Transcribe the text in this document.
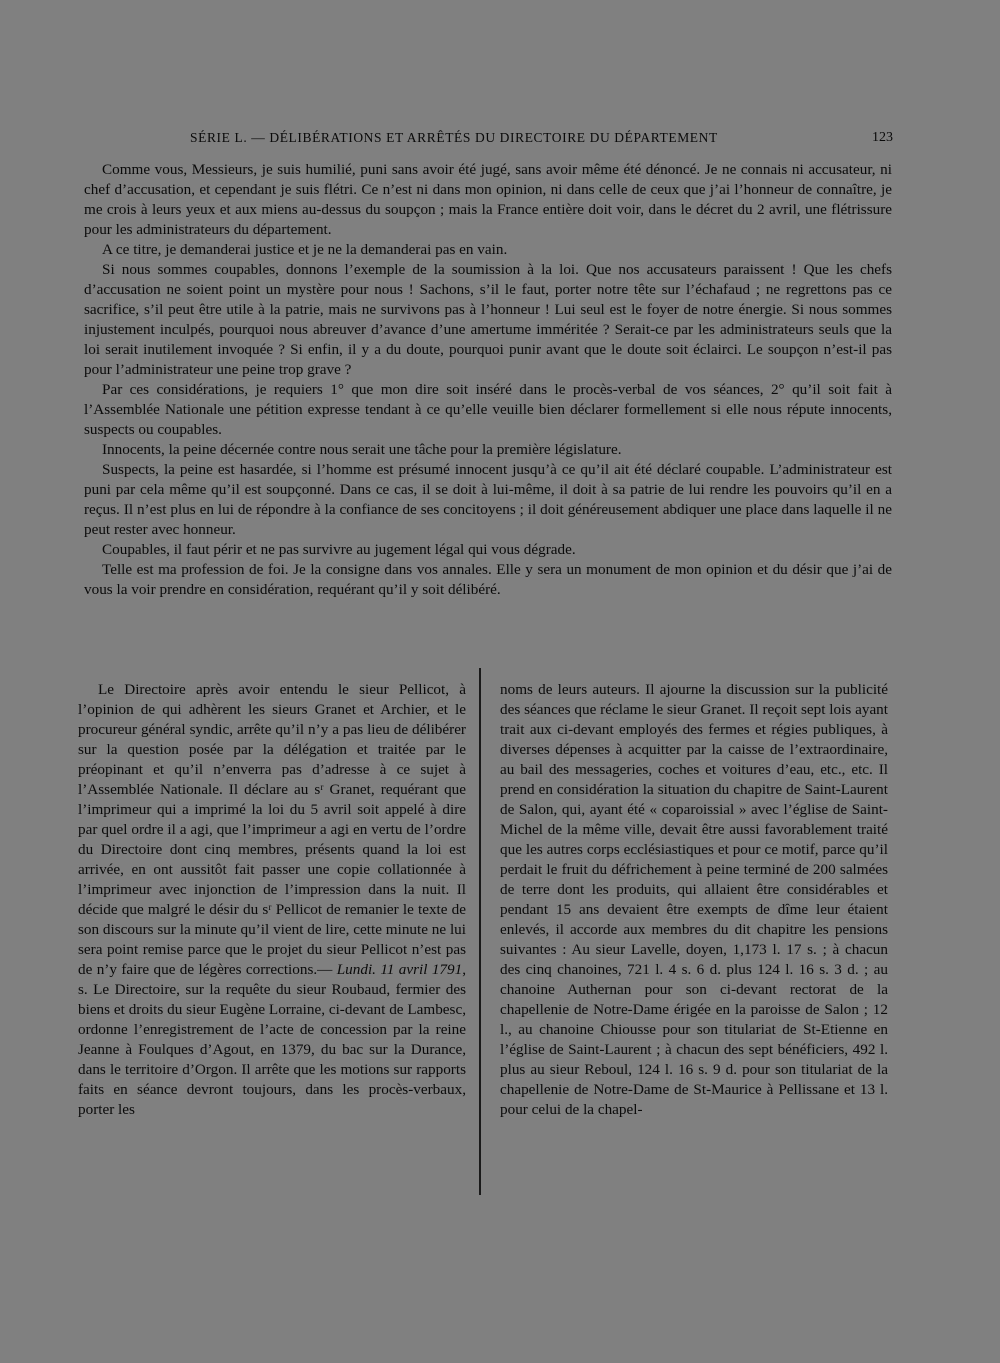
SÉRIE L. — DÉLIBÉRATIONS ET ARRÊTÉS DU DIRECTOIRE DU DÉPARTEMENT	123

Comme vous, Messieurs, je suis humilié, puni sans avoir été jugé, sans avoir même été dénoncé. Je ne connais ni accusateur, ni chef d’accusation, et cependant je suis flétri. Ce n’est ni dans mon opinion, ni dans celle de ceux que j’ai l’honneur de connaître, je me crois à leurs yeux et aux miens au-dessus du soupçon ; mais la France entière doit voir, dans le décret du 2 avril, une flétrissure pour les administrateurs du département.

A ce titre, je demanderai justice et je ne la demanderai pas en vain.

Si nous sommes coupables, donnons l’exemple de la soumission à la loi. Que nos accusateurs paraissent ! Que les chefs d’accusation ne soient point un mystère pour nous ! Sachons, s’il le faut, porter notre tête sur l’échafaud ; ne regrettons pas ce sacrifice, s’il peut être utile à la patrie, mais ne survivons pas à l’honneur ! Lui seul est le foyer de notre énergie. Si nous sommes injustement inculpés, pourquoi nous abreuver d’avance d’une amertume imméritée ? Serait-ce par les administrateurs seuls que la loi serait inutilement invoquée ? Si enfin, il y a du doute, pourquoi punir avant que le doute soit éclairci. Le soupçon n’est-il pas pour l’administrateur une peine trop grave ?

Par ces considérations, je requiers 1° que mon dire soit inséré dans le procès-verbal de vos séances, 2° qu’il soit fait à l’Assemblée Nationale une pétition expresse tendant à ce qu’elle veuille bien déclarer formellement si elle nous répute innocents, suspects ou coupables.

Innocents, la peine décernée contre nous serait une tâche pour la première législature.

Suspects, la peine est hasardée, si l’homme est présumé innocent jusqu’à ce qu’il ait été déclaré coupable. L’administrateur est puni par cela même qu’il est soupçonné. Dans ce cas, il se doit à lui-même, il doit à sa patrie de lui rendre les pouvoirs qu’il en a reçus. Il n’est plus en lui de répondre à la confiance de ses concitoyens ; il doit généreusement abdiquer une place dans laquelle il ne peut rester avec honneur.

Coupables, il faut périr et ne pas survivre au jugement légal qui vous dégrade.

Telle est ma profession de foi. Je la consigne dans vos annales. Elle y sera un monument de mon opinion et du désir que j’ai de vous la voir prendre en considération, requérant qu’il y soit délibéré.

Le Directoire après avoir entendu le sieur Pellicot, à l’opinion de qui adhèrent les sieurs Granet et Archier, et le procureur général syndic, arrête qu’il n’y a pas lieu de délibérer sur la question posée par la délégation et traitée par le préopinant et qu’il n’enverra pas d’adresse à ce sujet à l’Assemblée Nationale. Il déclare au sʳ Granet, requérant que l’imprimeur qui a imprimé la loi du 5 avril soit appelé à dire par quel ordre il a agi, que l’imprimeur a agi en vertu de l’ordre du Directoire dont cinq membres, présents quand la loi est arrivée, en ont aussitôt fait passer une copie collationnée à l’imprimeur avec injonction de l’impression dans la nuit. Il décide que malgré le désir du sʳ Pellicot de remanier le texte de son discours sur la minute qu’il vient de lire, cette minute ne lui sera point remise parce que le projet du sieur Pellicot n’est pas de n’y faire que de légères corrections.— Lundi. 11 avril 1791, s. Le Directoire, sur la requête du sieur Roubaud, fermier des biens et droits du sieur Eugène Lorraine, ci-devant de Lambesc, ordonne l’enregistrement de l’acte de concession par la reine Jeanne à Foulques d’Agout, en 1379, du bac sur la Durance, dans le territoire d’Orgon. Il arrête que les motions sur rapports faits en séance devront toujours, dans les procès-verbaux, porter les

noms de leurs auteurs. Il ajourne la discussion sur la publicité des séances que réclame le sieur Granet. Il reçoit sept lois ayant trait aux ci-devant employés des fermes et régies publiques, à diverses dépenses à acquitter par la caisse de l’extraordinaire, au bail des messageries, coches et voitures d’eau, etc., etc. Il prend en considération la situation du chapitre de Saint-Laurent de Salon, qui, ayant été « coparoissial » avec l’église de Saint-Michel de la même ville, devait être aussi favorablement traité que les autres corps ecclésiastiques et pour ce motif, parce qu’il perdait le fruit du défrichement à peine terminé de 200 salmées de terre dont les produits, qui allaient être considérables et pendant 15 ans devaient être exempts de dîme leur étaient enlevés, il accorde aux membres du dit chapitre les pensions suivantes : Au sieur Lavelle, doyen, 1,173 l. 17 s. ; à chacun des cinq chanoines, 721 l. 4 s. 6 d. plus 124 l. 16 s. 3 d. ; au chanoine Authernan pour son ci-devant rectorat de la chapellenie de Notre-Dame érigée en la paroisse de Salon ; 12 l., au chanoine Chiousse pour son titulariat de St-Etienne en l’église de Saint-Laurent ; à chacun des sept bénéficiers, 492 l. plus au sieur Reboul, 124 l. 16 s. 9 d. pour son titulariat de la chapellenie de Notre-Dame de St-Maurice à Pellissane et 13 l. pour celui de la chapel-
